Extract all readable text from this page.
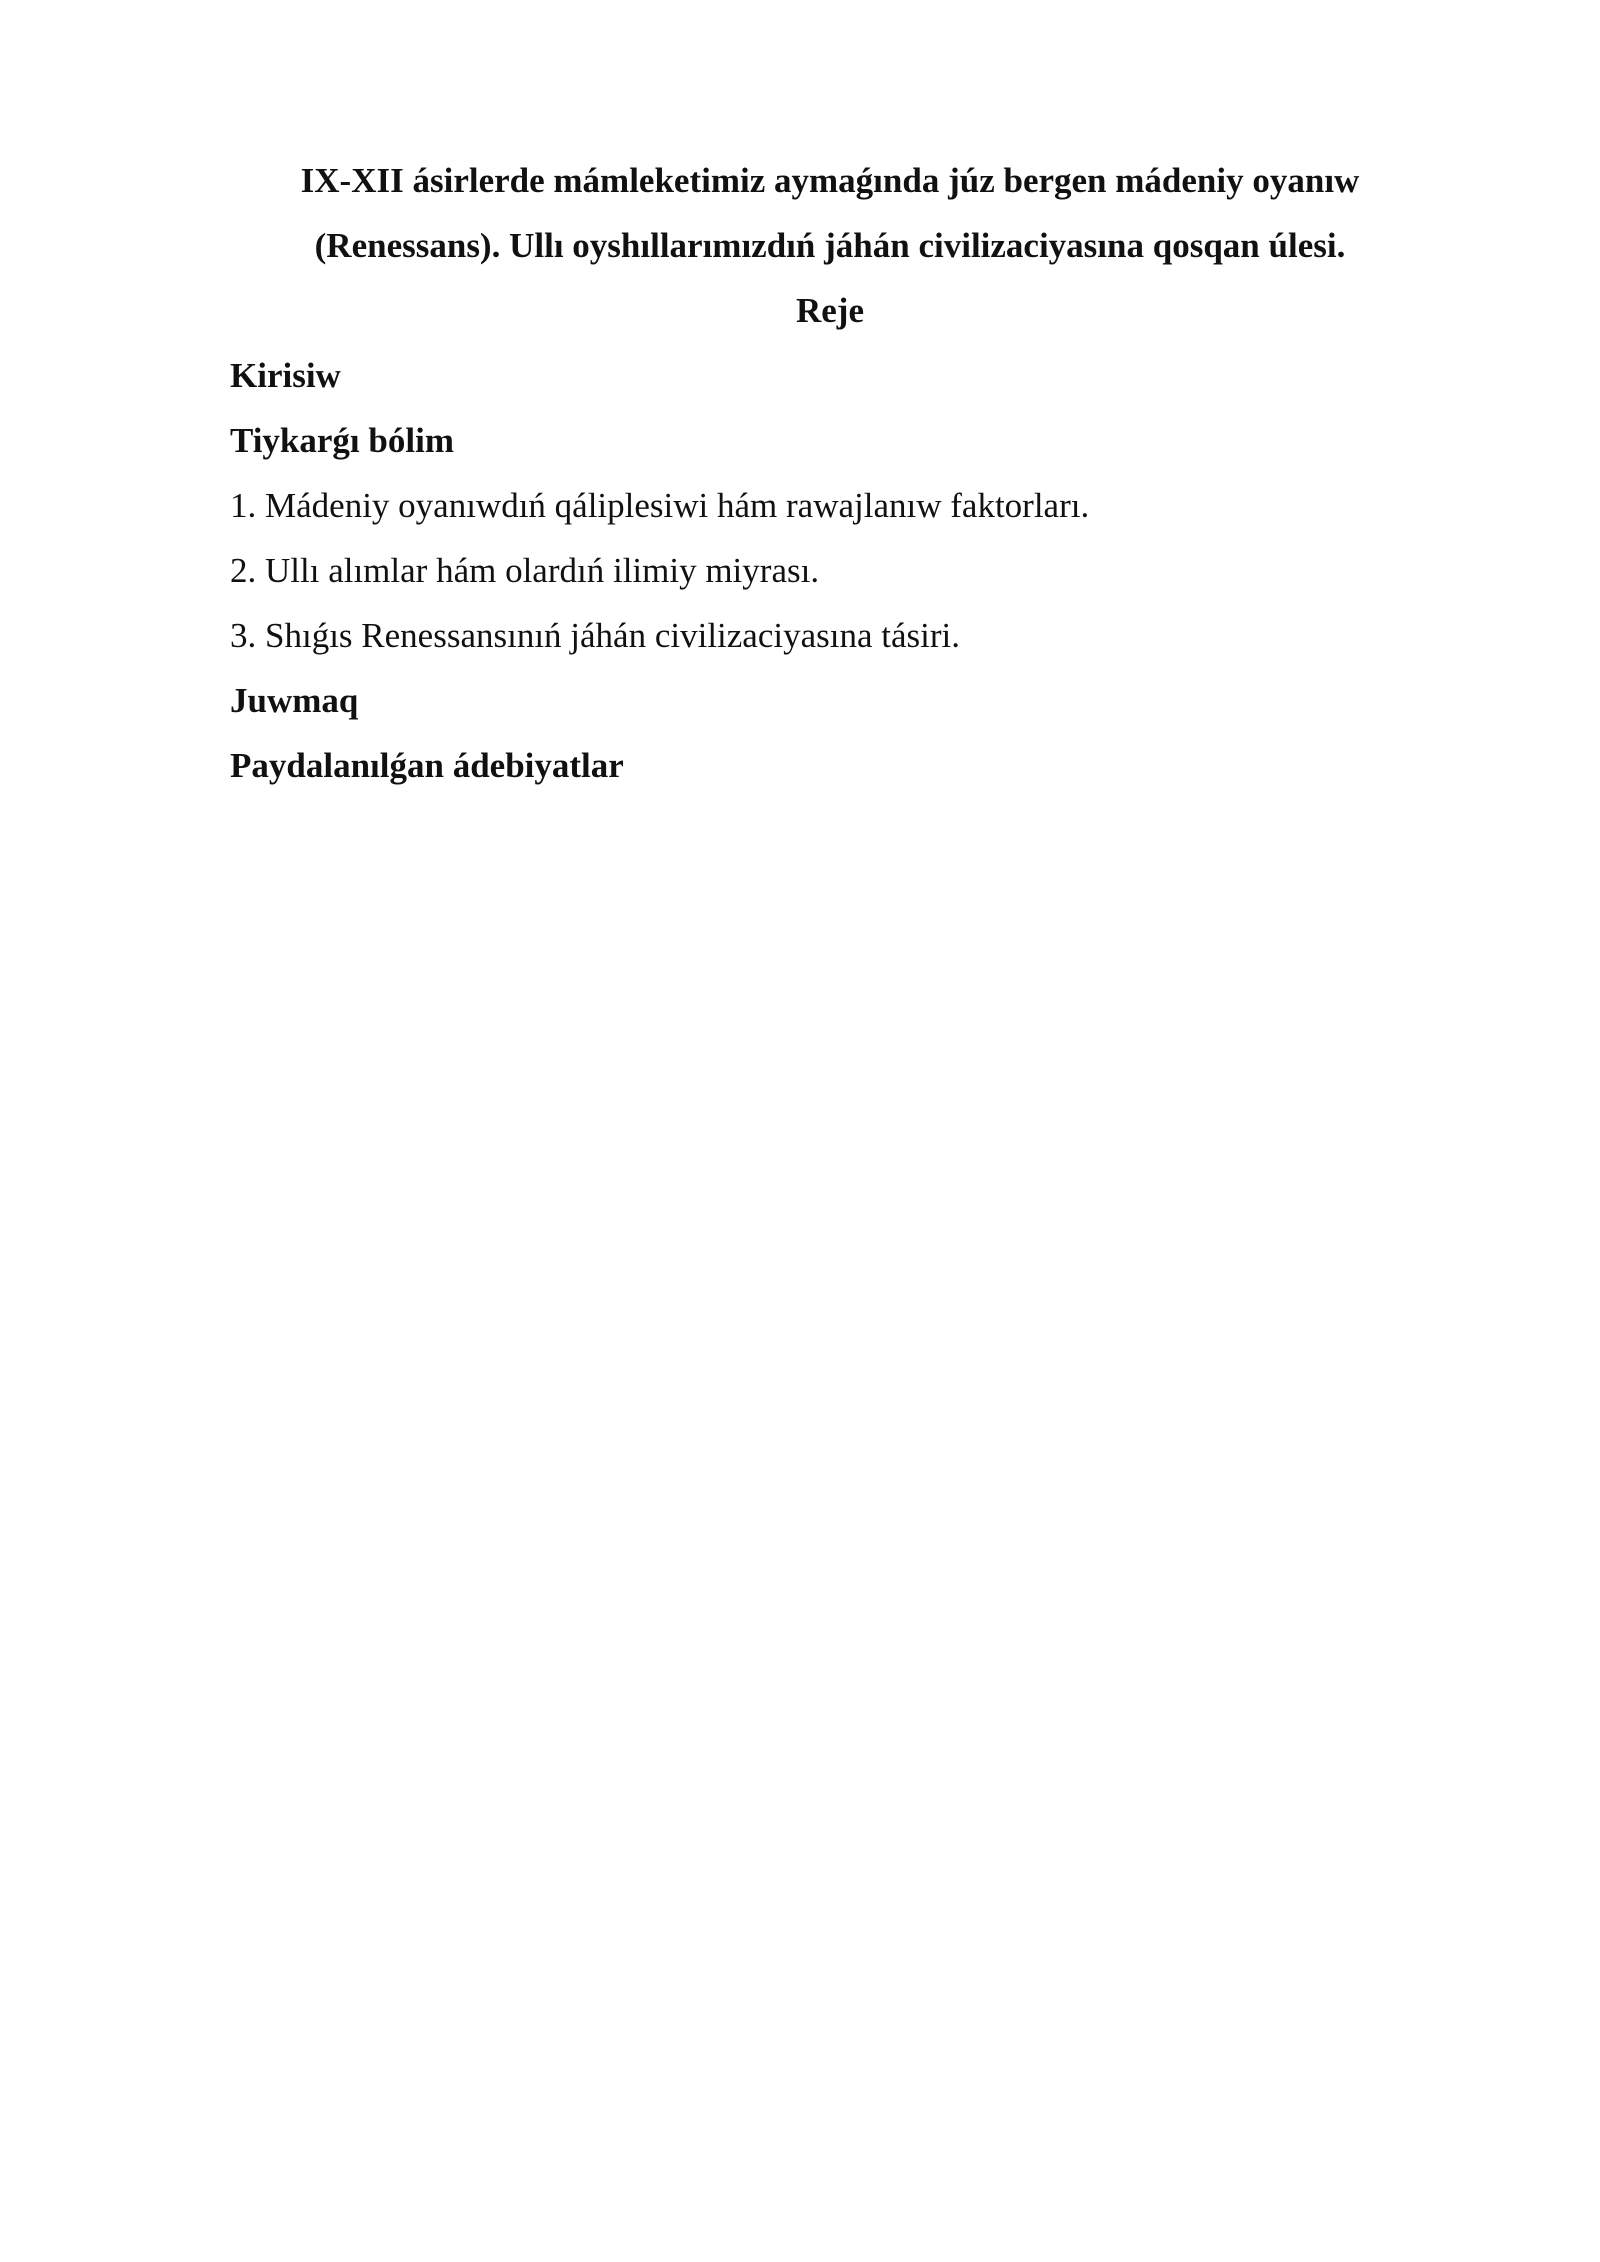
IX-XII ásirlerde mámleketimiz aymaǵında júz bergen mádeniy oyanıw

(Renessans). Ullı oyshıllarımızdıń jáhán civilizaciyasına qosqan úlesi.

Reje

Kirisiw

Tiykarǵı bólim

1. Mádeniy oyanıwdıń qáliplesiwi hám rawajlanıw faktorları.

2. Ullı alımlar hám olardıń ilimiy miyrası.

3. Shıǵıs Renessansınıń jáhán civilizaciyasına tásiri.

Juwmaq

Paydalanılǵan ádebiyatlar
